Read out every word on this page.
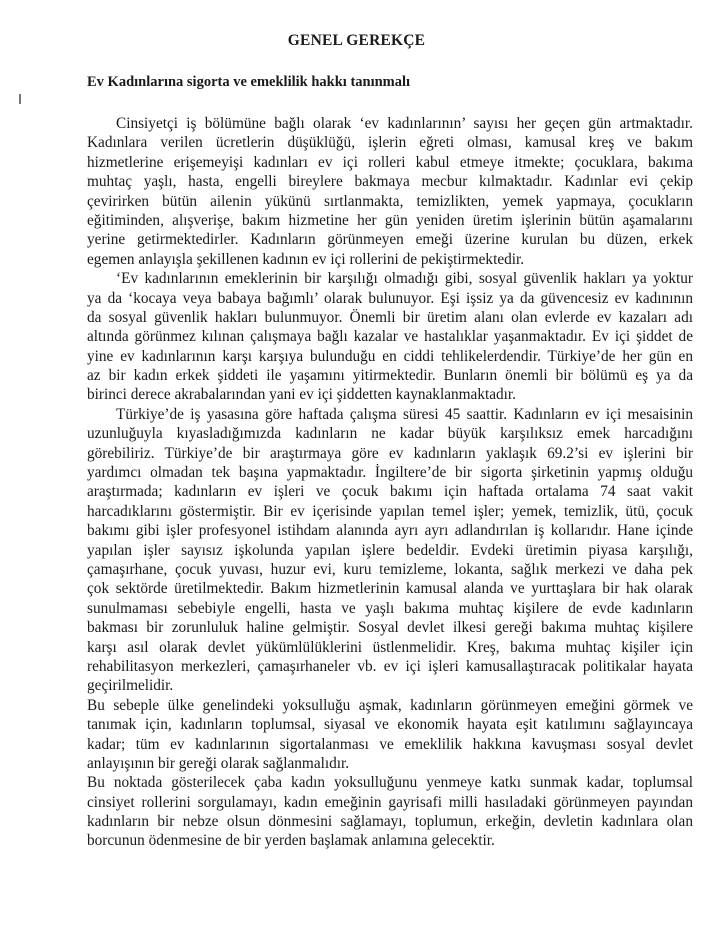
GENEL GEREKÇE
Ev Kadınlarına sigorta ve emeklilik hakkı tanınmalı
Cinsiyetçi iş bölümüne bağlı olarak ‘ev kadınlarının’ sayısı her geçen gün artmaktadır.
Kadınlara verilen ücretlerin düşüklüğü, işlerin eğreti olması, kamusal kreş ve bakım
hizmetlerine erişemeyişi kadınları ev içi rolleri kabul etmeye itmekte; çocuklara, bakıma
muhtaç yaşlı, hasta, engelli bireylere bakmaya mecbur kılmaktadır. Kadınlar evi çekip
çevirirken bütün ailenin yükünü sırtlanmakta, temizlikten, yemek yapmaya, çocukların
eğitiminden, alışverişe, bakım hizmetine her gün yeniden üretim işlerinin bütün aşamalarını
yerine getirmektedirler. Kadınların görünmeyen emeği üzerine kurulan bu düzen, erkek
egemen anlayışla şekillenen kadının ev içi rollerini de pekiştirmektedir.
‘Ev kadınlarının emeklerinin bir karşılığı olmadığı gibi, sosyal güvenlik hakları ya yoktur
ya da ‘kocaya veya babaya bağımlı’ olarak bulunuyor. Eşi işsiz ya da güvencesiz ev kadınının
da sosyal güvenlik hakları bulunmuyor. Önemli bir üretim alanı olan evlerde ev kazaları adı
altında görünmez kılınan çalışmaya bağlı kazalar ve hastalıklar yaşanmaktadır. Ev içi şiddet de
yine ev kadınlarının karşı karşıya bulunduğu en ciddi tehlikelerdendir. Türkiye’de her gün en
az bir kadın erkek şiddeti ile yaşamını yitirmektedir. Bunların önemli bir bölümü eş ya da
birinci derece akrabalarından yani ev içi şiddetten kaynaklanmaktadır.
Türkiye’de iş yasasına göre haftada çalışma süresi 45 saattir. Kadınların ev içi mesaisinin
uzunluğuyla kıyasladığımızda kadınların ne kadar büyük karşılıksız emek harcadığını
görebiliriz. Türkiye’de bir araştırmaya göre ev kadınların yaklaşık 69.2’si ev işlerini bir
yardımcı olmadan tek başına yapmaktadır. İngiltere’de bir sigorta şirketinin yapmış olduğu
araştırmada; kadınların ev işleri ve çocuk bakımı için haftada ortalama 74 saat vakit
harcadıklarını göstermiştir. Bir ev içerisinde yapılan temel işler; yemek, temizlik, ütü, çocuk
bakımı gibi işler profesyonel istihdam alanında ayrı ayrı adlandırılan iş kollarıdır. Hane içinde
yapılan işler sayısız işkolunda yapılan işlere bedeldir. Evdeki üretimin piyasa karşılığı,
çamaşırhane, çocuk yuvası, huzur evi, kuru temizleme, lokanta, sağlık merkezi ve daha pek
çok sektörde üretilmektedir. Bakım hizmetlerinin kamusal alanda ve yurttaşlara bir hak olarak
sunulmaması sebebiyle engelli, hasta ve yaşlı bakıma muhtaç kişilere de evde kadınların
bakması bir zorunluluk haline gelmiştir. Sosyal devlet ilkesi gereği bakıma muhtaç kişilere
karşı asıl olarak devlet yükümlülüklerini üstlenmelidir. Kreş, bakıma muhtaç kişiler için
rehabilitasyon merkezleri, çamaşırhaneler vb. ev içi işleri kamusallaştıracak politikalar hayata
geçirilmelidir.
Bu sebeple ülke genelindeki yoksulluğu aşmak, kadınların görünmeyen emeğini görmek ve
tanımak için, kadınların toplumsal, siyasal ve ekonomik hayata eşit katılımını sağlayıncaya
kadar; tüm ev kadınlarının sigortalanması ve emeklilik hakkına kavuşması sosyal devlet
anlayışının bir gereği olarak sağlanmalıdır.
Bu noktada gösterilecek çaba kadın yoksulluğunu yenmeye katkı sunmak kadar, toplumsal
cinsiyet rollerini sorgulamayı, kadın emeğinin gayrisafi milli hasıladaki görünmeyen payından
kadınların bir nebze olsun dönmesini sağlamayı, toplumun, erkeğin, devletin kadınlara olan
borcunun ödenmesine de bir yerden başlamak anlamına gelecektir.
